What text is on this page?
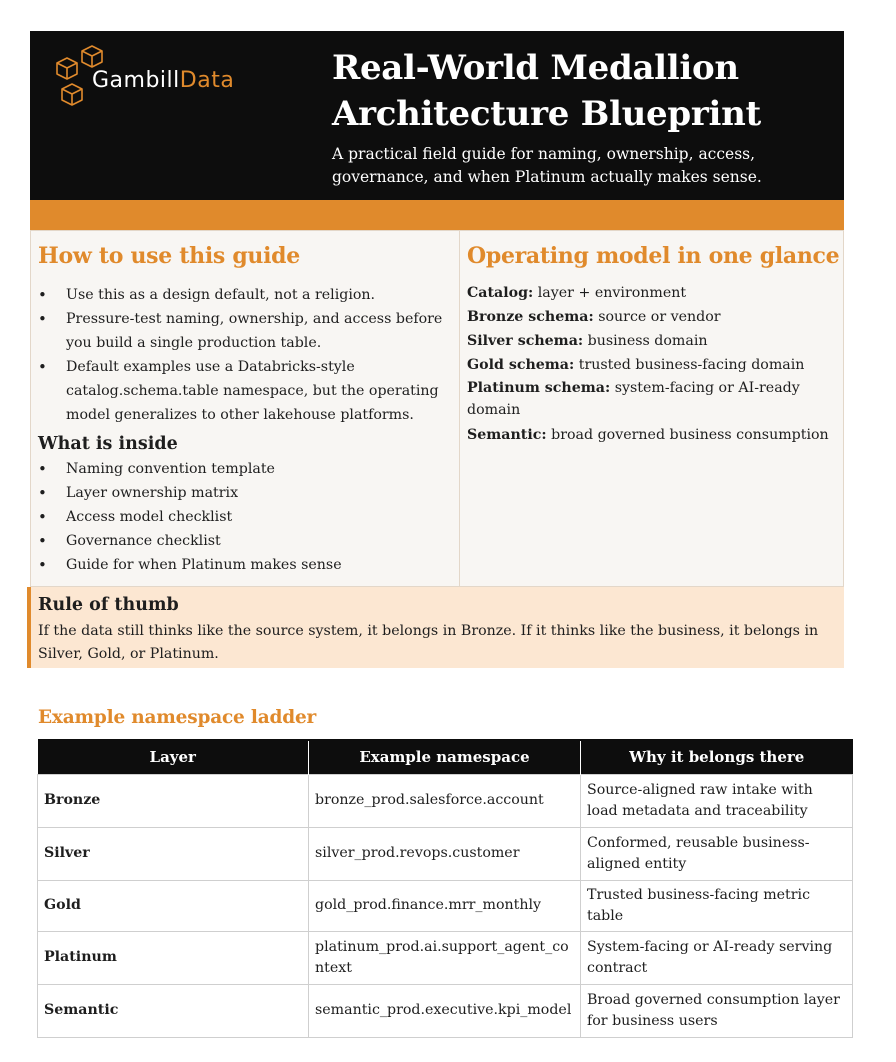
GambillData	Real-World Medallion
Architecture Blueprint
A practical field guide for naming, ownership, access,
governance, and when Platinum actually makes sense.
How to use this guide
• Use this as a design default, not a religion.
• Pressure-test naming, ownership, and access before you build a single production table.
• Default examples use a Databricks-style catalog.schema.table namespace, but the operating model generalizes to other lakehouse platforms.
What is inside
• Naming convention template
• Layer ownership matrix
• Access model checklist
• Governance checklist
• Guide for when Platinum makes sense
Operating model in one glance
Catalog: layer + environment
Bronze schema: source or vendor
Silver schema: business domain
Gold schema: trusted business-facing domain
Platinum schema: system-facing or AI-ready domain
Semantic: broad governed business consumption
Rule of thumb
If the data still thinks like the source system, it belongs in Bronze. If it thinks like the business, it belongs in Silver, Gold, or Platinum.
Example namespace ladder
Layer	Example namespace	Why it belongs there
Bronze	bronze_prod.salesforce.account	Source-aligned raw intake with load metadata and traceability
Silver	silver_prod.revops.customer	Conformed, reusable business-aligned entity
Gold	gold_prod.finance.mrr_monthly	Trusted business-facing metric table
Platinum	platinum_prod.ai.support_agent_context	System-facing or AI-ready serving contract
Semantic	semantic_prod.executive.kpi_model	Broad governed consumption layer for business users
